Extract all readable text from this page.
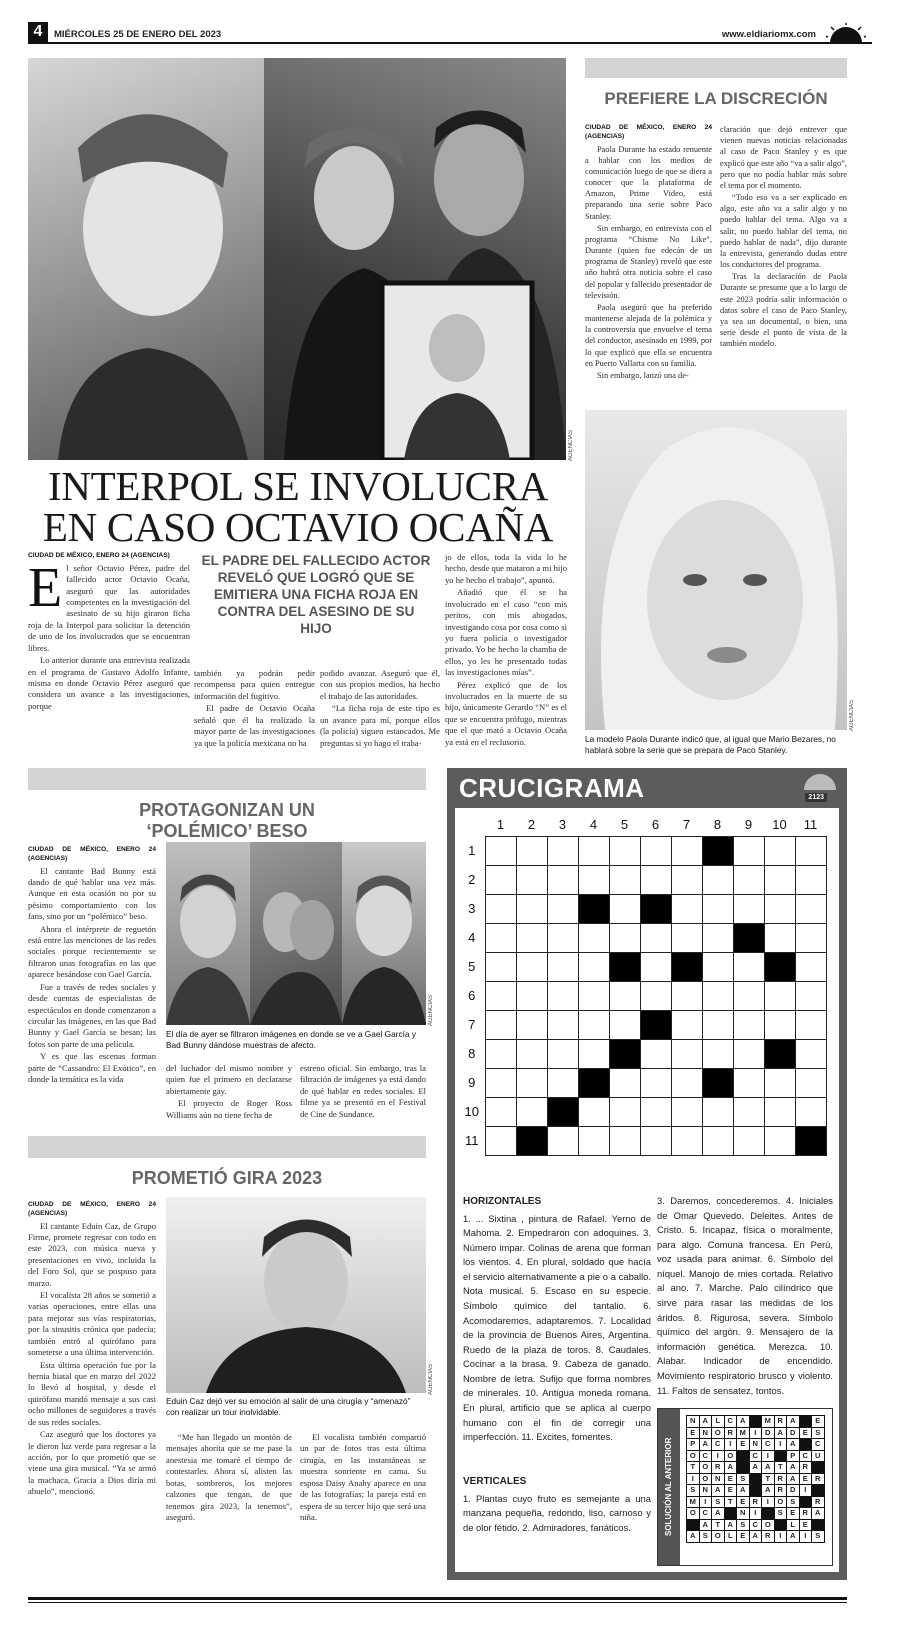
4	MIÉRCOLES 25 DE ENERO DEL 2023	www.eldiariomx.com
AGENCIAS
INTERPOL SE INVOLUCRA
EN CASO OCTAVIO OCAÑA
CIUDAD DE MÉXICO, ENERO 24 (AGENCIAS)

El señor Octavio Pérez, padre del fallecido actor Octavio Ocaña, aseguró que las autoridades competentes en la investigación del asesinato de su hijo giraron ficha roja de la Interpol para solicitar la detención de uno de los involucrados que se encuentran libres.

Lo anterior durante una entrevista realizada en el programa de Gustavo Adolfo Infante, misma en donde Octavio Pérez aseguró que considera un avance a las investigaciones, porque

EL PADRE DEL FALLECIDO ACTOR REVELÓ QUE LOGRÓ QUE SE EMITIERA UNA FICHA ROJA EN CONTRA DEL ASESINO DE SU HIJO

también ya podrán pedir recompensa para quien entregue información del fugitivo.

El padre de Octavio Ocaña señaló que él ha realizado la mayor parte de las investigaciones ya que la policía mexicana no ha

podido avanzar. Aseguró que él, con sus propios medios, ha hecho el trabajo de las autoridades.

“La ficha roja de este tipo es un avance para mí, porque ellos (la policía) siguen estancados. Me preguntas si yo hago el traba-

jo de ellos, toda la vida lo he hecho, desde que mataron a mi hijo yo he hecho el trabajo”, apuntó.

Añadió que él se ha involucrado en el caso “con mis peritos, con mis abogados, investigando cosa por cosa como si yo fuera policía o investigador privado. Yo he hecho la chamba de ellos, yo les he presentado todas las investigaciones mías”.

Pérez explicó que de los involucrados en la muerte de su hijo, únicamente Gerardo “N” es el que se encuentra prófugo, mientras que el que mató a Octavio Ocaña ya está en el reclusorio.

PREFIERE LA DISCRECIÓN
CIUDAD DE MÉXICO, ENERO 24 (AGENCIAS)

Paola Durante ha estado renuente a hablar con los medios de comunicación luego de que se diera a conocer que la plataforma de Amazon, Prime Video, está preparando una serie sobre Paco Stanley.

Sin embargo, en entrevista con el programa “Chisme No Like”, Durante (quien fue edecán de un programa de Stanley) reveló que este año habrá otra noticia sobre el caso del popular y fallecido presentador de televisión.

Paola aseguró que ha preferido mantenerse alejada de la polémica y la controversia que envuelve el tema del conductor, asesinado en 1999, por lo que explicó que ella se encuentra en Puerto Vallarta con su familia.

Sin embargo, lanzó una de-

claración que dejó entrever que vienen nuevas noticias relacionadas al caso de Paco Stanley y es que explicó que este año “va a salir algo”, pero que no podía hablar más sobre el tema por el momento.

“Todo eso va a ser explicado en algo, este año va a salir algo y no puedo hablar del tema. Algo va a salir, no puedo hablar del tema, no puedo hablar de nada”, dijo durante la entrevista, generando dudas entre los conductores del programa.

Tras la declaración de Paola Durante se presume que a lo largo de este 2023 podría salir información o datos sobre el caso de Paco Stanley, ya sea un documental, o bien, una serie desde el punto de vista de la también modelo.

AGENCIAS
La modelo Paola Durante indicó que, al igual que Mario Bezares, no hablará sobre la serie que se prepara de Paco Stanley.
PROTAGONIZAN UN
‘POLÉMICO’ BESO
CIUDAD DE MÉXICO, ENERO 24 (AGENCIAS)

El cantante Bad Bunny está dando de qué hablar una vez más. Aunque en esta ocasión no por su pésimo comportamiento con los fans, sino por un “polémico” beso.

Ahora el intérprete de reguetón está entre las menciones de las redes sociales porque recientemente se filtraron unas fotografías en las que aparece besándose con Gael García.

Fue a través de redes sociales y desde cuentas de especialistas de espectáculos en donde comenzaron a circular las imágenes, en las que Bad Bunny y Gael García se besan; las fotos son parte de una película.

Y es que las escenas forman parte de “Cassandro: El Exótico”, en donde la temática es la vida

AGENCIAS
El día de ayer se filtraron imágenes en donde se ve a Gael García y Bad Bunny dándose muestras de afecto.

del luchador del mismo nombre y quien fue el primero en declararse abiertamente gay.

El proyecto de Roger Ross Williams aún no tiene fecha de

estreno oficial. Sin embargo, tras la filtración de imágenes ya está dando de qué hablar en redes sociales. El filme ya se presentó en el Festival de Cine de Sundance.

PROMETIÓ GIRA 2023
CIUDAD DE MÉXICO, ENERO 24 (AGENCIAS)

El cantante Eduin Caz, de Grupo Firme, promete regresar con todo en este 2023, con música nueva y presentaciones en vivo, incluida la del Foro Sol, que se pospuso para marzo.

El vocalista 28 años se sometió a varias operaciones, entre ellas una para mejorar sus vías respiratorias, por la sinusitis crónica que padecía; también entró al quirófano para someterse a una última intervención.

Esta última operación fue por la hernia hiatal que en marzo del 2022 lo llevó al hospital, y desde el quirófano mandó mensaje a sus casi ocho millones de seguidores a través de sus redes sociales.

Caz aseguró que los doctores ya le dieron luz verde para regresar a la acción, por lo que prometió que se viene una gira musical. “Ya se armó la machaca, Gracia a Dios diría mi abuelo”, mencionó.

AGENCIAS
Eduin Caz dejó ver su emoción al salir de una cirugía y “amenazó” con realizar un tour inolvidable.

“Me han llegado un montón de mensajes ahorita que se me pase la anestesia me tomaré el tiempo de contestarles. Ahora sí, alisten las botas, sombreros, los mejores calzones que tengan, de que tenemos gira 2023, la tenemos”, aseguró.

El vocalista también compartió un par de fotos tras esta última cirugía, en las instantáneas se muestra sonriente en cama. Su esposa Daisy Anahy aparece en una de las fotografías; la pareja está en espera de su tercer hijo que será una niña.

CRUCIGRAMA	2123
	1	2	3	4	5	6	7	8	9	10	11
1											
2											
3											
4											
5											
6											
7											
8											
9											
10											
11											
HORIZONTALES
1. ... Sixtina , pintura de Rafael. Yerno de Mahoma. 2. Empedraron con adoquines. 3. Número impar. Colinas de arena que forman los vientos. 4. En plural, soldado que hacía el servicio alternativamente a pie o a caballo. Nota musical. 5. Escaso en su especie. Símbolo químico del tantalio. 6. Acomodaremos, adaptaremos. 7. Localidad de la provincia de Buenos Aires, Argentina. Ruedo de la plaza de toros. 8. Caudales. Cocinar a la brasa. 9. Cabeza de ganado. Nombre de letra. Sufijo que forma nombres de minerales. 10. Antigua moneda romana. En plural, artificio que se aplica al cuerpo humano con el fin de corregir una imperfección. 11. Excites, fomentes.
VERTICALES
1. Plantas cuyo fruto es semejante a una manzana pequeña, redondo, liso, carnoso y de olor fétido. 2. Admiradores, fanáticos.
3. Daremos, concederemos. 4. Iniciales de Omar Quevedo. Deleites. Antes de Cristo. 5. Incapaz, física o moralmente, para algo. Comuna francesa. En Perú, voz usada para animar. 6. Símbolo del níquel. Manojo de mies cortada. Relativo al ano. 7. Marche. Palo cilíndrico que sirve para rasar las medidas de los áridos. 8. Rigurosa, severa. Símbolo químico del argón. 9. Mensajero de la información genética. Merezca. 10. Alabar. Indicador de encendido. Movimiento respiratorio brusco y violento. 11. Faltos de sensatez, tontos.
SOLUCIÓN AL ANTERIOR
N	A	L	C	A		M	R	A		E
E	N	O	R	M	I	D	A	D	E	S
P	A	C	I	E	N	C	I	A		C
O	C	I	O		C	I		P	C	U
T	O	R	A		A	A	T	A	R	
I	O	N	E	S		T	R	A	E	R
S	N	A	E	A		A	R	D	I	
M	I	S	T	E	R	I	O	S		R
O	C	A		N	I		S	E	R	A
	A	T	A	S	C	O		L	E	
A	S	O	L	E	A	R	I	A	I	S
